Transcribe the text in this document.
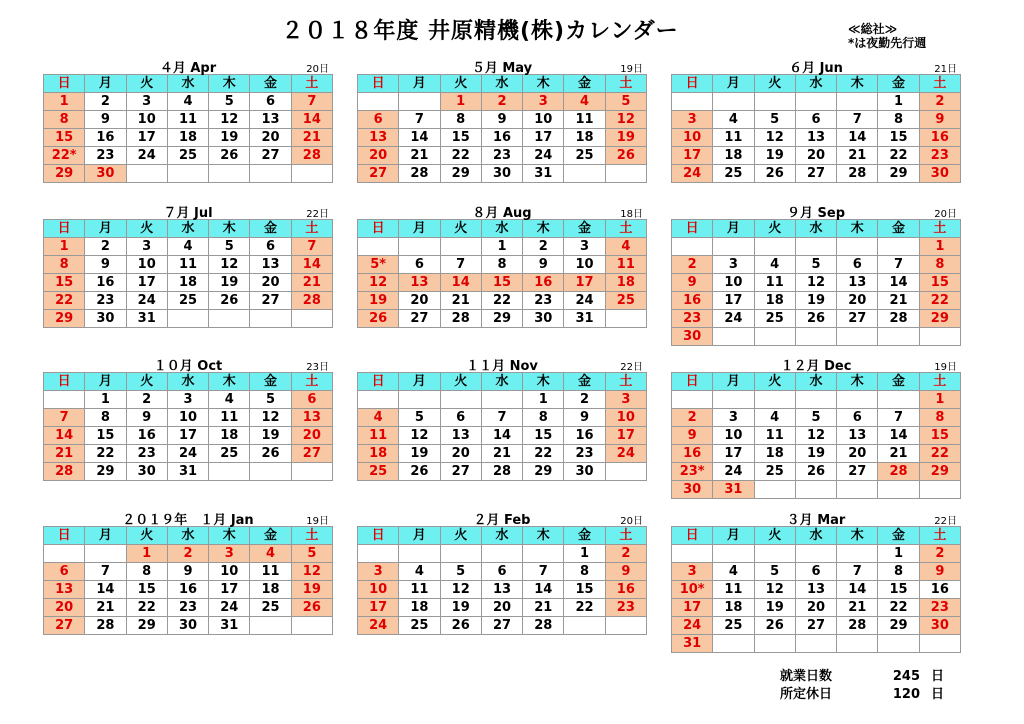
２０１８年度 井原精機(株)カレンダー	≪総社≫
*は夜勤先行週
４月 Apr	20日
日	月	火	水	木	金	土
1	2	3	4	5	6	7
8	9	10	11	12	13	14
15	16	17	18	19	20	21
22*	23	24	25	26	27	28
29	30					
５月 May	19日
日	月	火	水	木	金	土
		1	2	3	4	5
6	7	8	9	10	11	12
13	14	15	16	17	18	19
20	21	22	23	24	25	26
27	28	29	30	31		
６月 Jun	21日
日	月	火	水	木	金	土
					1	2
3	4	5	6	7	8	9
10	11	12	13	14	15	16
17	18	19	20	21	22	23
24	25	26	27	28	29	30
７月 Jul	22日
日	月	火	水	木	金	土
1	2	3	4	5	6	7
8	9	10	11	12	13	14
15	16	17	18	19	20	21
22	23	24	25	26	27	28
29	30	31				
８月 Aug	18日
日	月	火	水	木	金	土
			1	2	3	4
5*	6	7	8	9	10	11
12	13	14	15	16	17	18
19	20	21	22	23	24	25
26	27	28	29	30	31	
９月 Sep	20日
日	月	火	水	木	金	土
						1
2	3	4	5	6	7	8
9	10	11	12	13	14	15
16	17	18	19	20	21	22
23	24	25	26	27	28	29
30						
１０月 Oct	23日
日	月	火	水	木	金	土
	1	2	3	4	5	6
7	8	9	10	11	12	13
14	15	16	17	18	19	20
21	22	23	24	25	26	27
28	29	30	31			
１１月 Nov	22日
日	月	火	水	木	金	土
				1	2	3
4	5	6	7	8	9	10
11	12	13	14	15	16	17
18	19	20	21	22	23	24
25	26	27	28	29	30	
１２月 Dec	19日
日	月	火	水	木	金	土
						1
2	3	4	5	6	7	8
9	10	11	12	13	14	15
16	17	18	19	20	21	22
23*	24	25	26	27	28	29
30	31					
２０１９年　１月 Jan	19日
日	月	火	水	木	金	土
		1	2	3	4	5
6	7	8	9	10	11	12
13	14	15	16	17	18	19
20	21	22	23	24	25	26
27	28	29	30	31		
２月 Feb	20日
日	月	火	水	木	金	土
					1	2
3	4	5	6	7	8	9
10	11	12	13	14	15	16
17	18	19	20	21	22	23
24	25	26	27	28		
３月 Mar	22日
日	月	火	水	木	金	土
					1	2
3	4	5	6	7	8	9
10*	11	12	13	14	15	16
17	18	19	20	21	22	23
24	25	26	27	28	29	30
31						
就業日数	245 日
所定休日	120 日
